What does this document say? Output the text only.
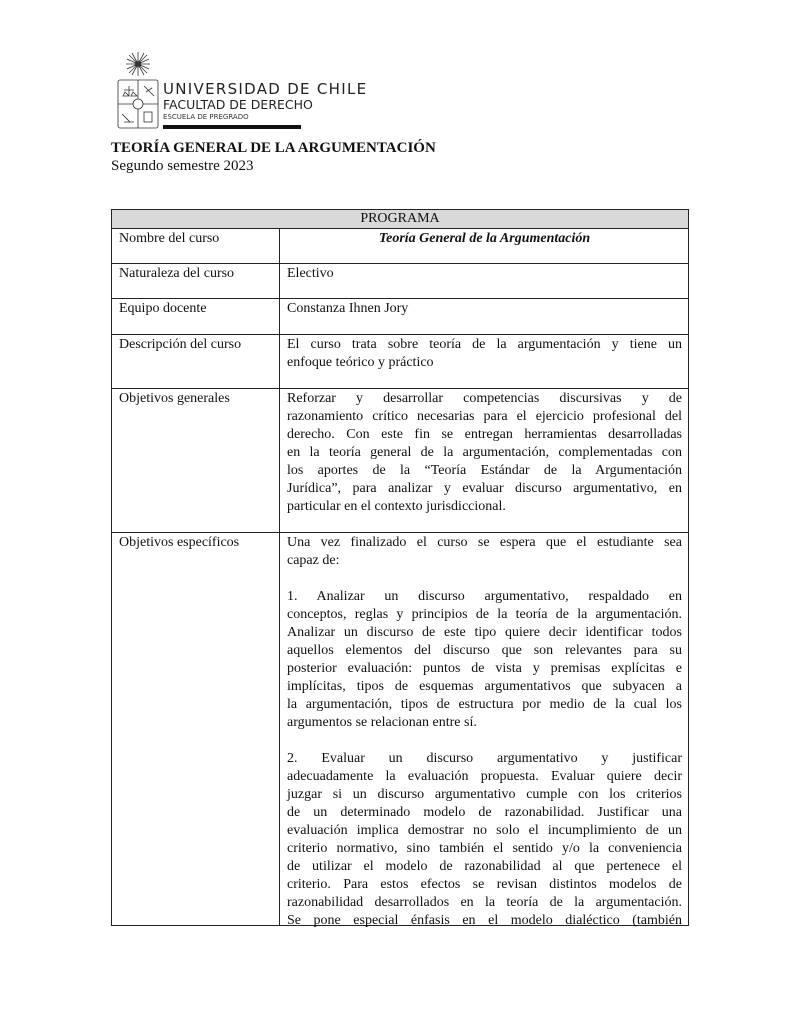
UNIVERSIDAD DE CHILE
FACULTAD DE DERECHO
ESCUELA DE PREGRADO
TEORÍA GENERAL DE LA ARGUMENTACIÓN
Segundo semestre 2023
PROGRAMA
Nombre del curso	Teoría General de la Argumentación
Naturaleza del curso	Electivo
Equipo docente	Constanza Ihnen Jory
Descripción del curso	El curso trata sobre teoría de la argumentación y tiene un
enfoque teórico y práctico
Objetivos generales	Reforzar y desarrollar competencias discursivas y de
razonamiento crítico necesarias para el ejercicio profesional del
derecho. Con este fin se entregan herramientas desarrolladas
en la teoría general de la argumentación, complementadas con
los aportes de la “Teoría Estándar de la Argumentación
Jurídica”, para analizar y evaluar discurso argumentativo, en
particular en el contexto jurisdiccional.
Objetivos específicos	Una vez finalizado el curso se espera que el estudiante sea
capaz de:
1. Analizar un discurso argumentativo, respaldado en
conceptos, reglas y principios de la teoría de la argumentación.
Analizar un discurso de este tipo quiere decir identificar todos
aquellos elementos del discurso que son relevantes para su
posterior evaluación: puntos de vista y premisas explícitas e
implícitas, tipos de esquemas argumentativos que subyacen a
la argumentación, tipos de estructura por medio de la cual los
argumentos se relacionan entre sí.
2. Evaluar un discurso argumentativo y justificar
adecuadamente la evaluación propuesta. Evaluar quiere decir
juzgar si un discurso argumentativo cumple con los criterios
de un determinado modelo de razonabilidad. Justificar una
evaluación implica demostrar no solo el incumplimiento de un
criterio normativo, sino también el sentido y/o la conveniencia
de utilizar el modelo de razonabilidad al que pertenece el
criterio. Para estos efectos se revisan distintos modelos de
razonabilidad desarrollados en la teoría de la argumentación.
Se pone especial énfasis en el modelo dialéctico (también
